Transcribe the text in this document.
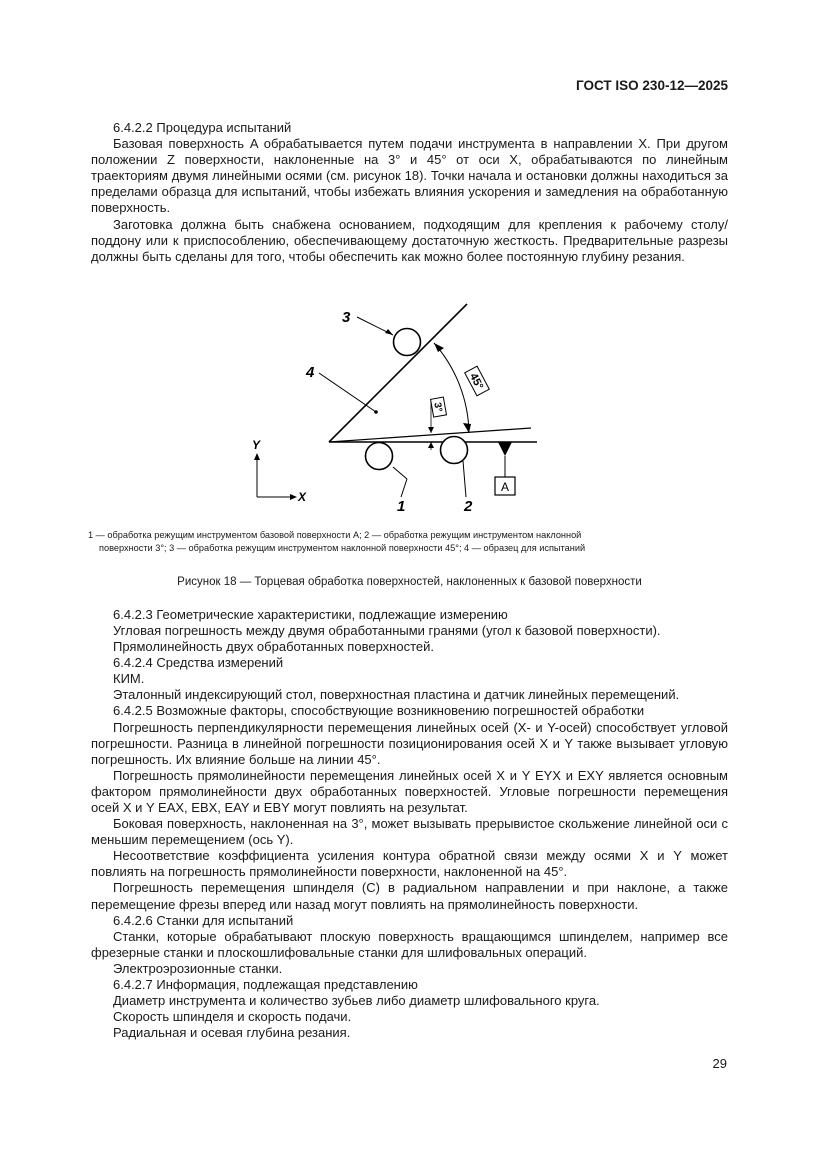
ГОСТ ISO 230-12—2025

6.4.2.2 Процедура испытаний

Базовая поверхность A обрабатывается путем подачи инструмента в направлении X. При другом положении Z поверхности, наклоненные на 3° и 45° от оси X, обрабатываются по линейным траекториям двумя линейными осями (см. рисунок 18). Точки начала и остановки должны находиться за пределами образца для испытаний, чтобы избежать влияния ускорения и замедления на обработанную поверхность.

Заготовка должна быть снабжена основанием, подходящим для крепления к рабочему столу/поддону или к приспособлению, обеспечивающему достаточную жесткость. Предварительные разрезы должны быть сделаны для того, чтобы обеспечить как можно более постоянную глубину резания.

45°
3°
A
3
4
1	2
Y
X
1 — обработка режущим инструментом базовой поверхности A; 2 — обработка режущим инструментом наклонной
поверхности 3°; 3 — обработка режущим инструментом наклонной поверхности 45°; 4 — образец для испытаний
Рисунок 18 — Торцевая обработка поверхностей, наклоненных к базовой поверхности

6.4.2.3 Геометрические характеристики, подлежащие измерению

Угловая погрешность между двумя обработанными гранями (угол к базовой поверхности).

Прямолинейность двух обработанных поверхностей.

6.4.2.4 Средства измерений

КИМ.

Эталонный индексирующий стол, поверхностная пластина и датчик линейных перемещений.

6.4.2.5 Возможные факторы, способствующие возникновению погрешностей обработки

Погрешность перпендикулярности перемещения линейных осей (X- и Y-осей) способствует угловой погрешности. Разница в линейной погрешности позиционирования осей X и Y также вызывает угловую погрешность. Их влияние больше на линии 45°.

Погрешность прямолинейности перемещения линейных осей X и Y EYX и EXY является основным фактором прямолинейности двух обработанных поверхностей. Угловые погрешности перемещения осей X и Y EAX, EBX, EAY и EBY могут повлиять на результат.

Боковая поверхность, наклоненная на 3°, может вызывать прерывистое скольжение линейной оси с меньшим перемещением (ось Y).

Несоответствие коэффициента усиления контура обратной связи между осями X и Y может повлиять на погрешность прямолинейности поверхности, наклоненной на 45°.

Погрешность перемещения шпинделя (C) в радиальном направлении и при наклоне, а также перемещение фрезы вперед или назад могут повлиять на прямолинейность поверхности.

6.4.2.6 Станки для испытаний

Станки, которые обрабатывают плоскую поверхность вращающимся шпинделем, например все фрезерные станки и плоскошлифовальные станки для шлифовальных операций.

Электроэрозионные станки.

6.4.2.7 Информация, подлежащая представлению

Диаметр инструмента и количество зубьев либо диаметр шлифовального круга.

Скорость шпинделя и скорость подачи.

Радиальная и осевая глубина резания.

29
